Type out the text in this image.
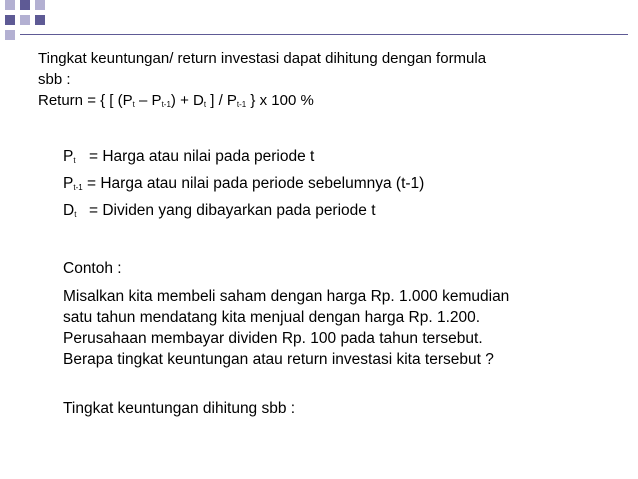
Tingkat keuntungan/ return investasi dapat dihitung dengan formula

sbb :

Return = { [ $(P_t - P_{t-1}) + D_t$ ] / $P_{t-1}$ } x 100 %

$P_t$ = Harga atau nilai pada periode t
$P_{t-1}$ = Harga atau nilai pada periode sebelumnya (t-1)
$D_t$ = Dividen yang dibayarkan pada periode t

Contoh :

Misalkan kita membeli saham dengan harga Rp. 1.000 kemudian

satu tahun mendatang kita menjual dengan harga Rp. 1.200.

Perusahaan membayar dividen Rp. 100 pada tahun tersebut.

Berapa tingkat keuntungan atau return investasi kita tersebut ?

Tingkat keuntungan dihitung sbb :
